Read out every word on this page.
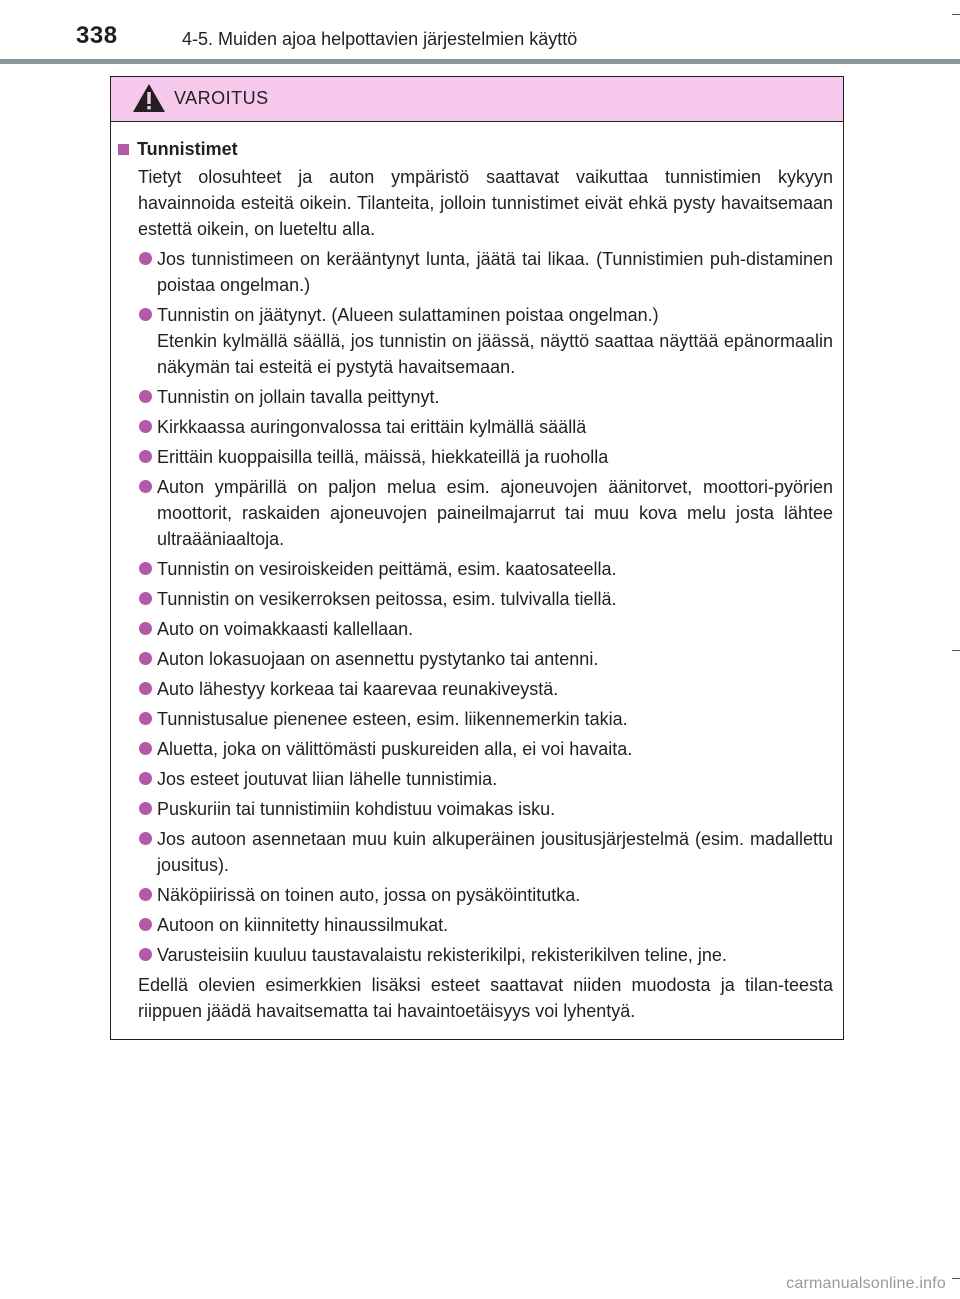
338	4-5. Muiden ajoa helpottavien järjestelmien käyttö
VAROITUS
Tunnistimet
Tietyt olosuhteet ja auton ympäristö saattavat vaikuttaa tunnistimien kykyyn havainnoida esteitä oikein. Tilanteita, jolloin tunnistimet eivät ehkä pysty havaitsemaan estettä oikein, on lueteltu alla.
Jos tunnistimeen on kerääntynyt lunta, jäätä tai likaa. (Tunnistimien puh-distaminen poistaa ongelman.)
Tunnistin on jäätynyt. (Alueen sulattaminen poistaa ongelman.)
Etenkin kylmällä säällä, jos tunnistin on jäässä, näyttö saattaa näyttää epänormaalin näkymän tai esteitä ei pystytä havaitsemaan.
Tunnistin on jollain tavalla peittynyt.
Kirkkaassa auringonvalossa tai erittäin kylmällä säällä
Erittäin kuoppaisilla teillä, mäissä, hiekkateillä ja ruoholla
Auton ympärillä on paljon melua esim. ajoneuvojen äänitorvet, moottori-pyörien moottorit, raskaiden ajoneuvojen paineilmajarrut tai muu kova melu josta lähtee ultraääniaaltoja.
Tunnistin on vesiroiskeiden peittämä, esim. kaatosateella.
Tunnistin on vesikerroksen peitossa, esim. tulvivalla tiellä.
Auto on voimakkaasti kallellaan.
Auton lokasuojaan on asennettu pystytanko tai antenni.
Auto lähestyy korkeaa tai kaarevaa reunakiveystä.
Tunnistusalue pienenee esteen, esim. liikennemerkin takia.
Aluetta, joka on välittömästi puskureiden alla, ei voi havaita.
Jos esteet joutuvat liian lähelle tunnistimia.
Puskuriin tai tunnistimiin kohdistuu voimakas isku.
Jos autoon asennetaan muu kuin alkuperäinen jousitusjärjestelmä (esim. madallettu jousitus).
Näköpiirissä on toinen auto, jossa on pysäköintitutka.
Autoon on kiinnitetty hinaussilmukat.
Varusteisiin kuuluu taustavalaistu rekisterikilpi, rekisterikilven teline, jne.
Edellä olevien esimerkkien lisäksi esteet saattavat niiden muodosta ja tilan-teesta riippuen jäädä havaitsematta tai havaintoetäisyys voi lyhentyä.
carmanualsonline.info
